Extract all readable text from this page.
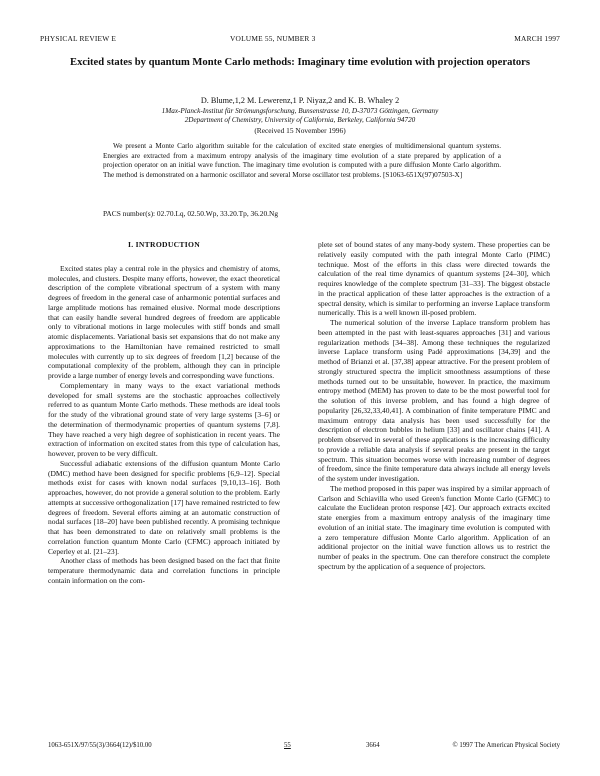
PHYSICAL REVIEW E	VOLUME 55, NUMBER 3	MARCH 1997
Excited states by quantum Monte Carlo methods: Imaginary time evolution with projection operators
D. Blume,1,2 M. Lewerenz,1 P. Niyaz,2 and K. B. Whaley 2
1Max-Planck-Institut für Strömungsforschung, Bunsenstrasse 10, D-37073 Göttingen, Germany
2Department of Chemistry, University of California, Berkeley, California 94720
(Received 15 November 1996)
We present a Monte Carlo algorithm suitable for the calculation of excited state energies of multidimensional quantum systems. Energies are extracted from a maximum entropy analysis of the imaginary time evolution of a state prepared by application of a projection operator on an initial wave function. The imaginary time evolution is computed with a pure diffusion Monte Carlo algorithm. The method is demonstrated on a harmonic oscillator and several Morse oscillator test problems. [S1063-651X(97)07503-X]
PACS number(s): 02.70.Lq, 02.50.Wp, 33.20.Tp, 36.20.Ng
I. INTRODUCTION

Excited states play a central role in the physics and chemistry of atoms, molecules, and clusters. Despite many efforts, however, the exact theoretical description of the complete vibrational spectrum of a system with many degrees of freedom in the general case of anharmonic potential surfaces and large amplitude motions has remained elusive. Normal mode descriptions that can easily handle several hundred degrees of freedom are applicable only to vibrational motions in large molecules with stiff bonds and small atomic displacements. Variational basis set expansions that do not make any approximations to the Hamiltonian have remained restricted to small molecules with currently up to six degrees of freedom [1,2] because of the computational complexity of the problem, although they can in principle provide a large number of energy levels and corresponding wave functions.

Complementary in many ways to the exact variational methods developed for small systems are the stochastic approaches collectively referred to as quantum Monte Carlo methods. These methods are ideal tools for the study of the vibrational ground state of very large systems [3–6] or the determination of thermodynamic properties of quantum systems [7,8]. They have reached a very high degree of sophistication in recent years. The extraction of information on excited states from this type of calculation has, however, proven to be very difficult.

Successful adiabatic extensions of the diffusion quantum Monte Carlo (DMC) method have been designed for specific problems [6,9–12]. Special methods exist for cases with known nodal surfaces [9,10,13–16]. Both approaches, however, do not provide a general solution to the problem. Early attempts at successive orthogonalization [17] have remained restricted to few degrees of freedom. Several efforts aiming at an automatic construction of nodal surfaces [18–20] have been published recently. A promising technique that has been demonstrated to date on relatively small problems is the correlation function quantum Monte Carlo (CFMC) approach initiated by Ceperley et al. [21–23].

Another class of methods has been designed based on the fact that finite temperature thermodynamic data and correlation functions in principle contain information on the com-

plete set of bound states of any many-body system. These properties can be relatively easily computed with the path integral Monte Carlo (PIMC) technique. Most of the efforts in this class were directed towards the calculation of the real time dynamics of quantum systems [24–30], which requires knowledge of the complete spectrum [31–33]. The biggest obstacle in the practical application of these latter approaches is the extraction of a spectral density, which is similar to performing an inverse Laplace transform numerically. This is a well known ill-posed problem.

The numerical solution of the inverse Laplace transform problem has been attempted in the past with least-squares approaches [31] and various regularization methods [34–38]. Among these techniques the regularized inverse Laplace transform using Padé approximations [34,39] and the method of Brianzi et al. [37,38] appear attractive. For the present problem of strongly structured spectra the implicit smoothness assumptions of these methods turned out to be unsuitable, however. In practice, the maximum entropy method (MEM) has proven to date to be the most powerful tool for the solution of this inverse problem, and has found a high degree of popularity [26,32,33,40,41]. A combination of finite temperature PIMC and maximum entropy data analysis has been used successfully for the description of electron bubbles in helium [33] and oscillator chains [41]. A problem observed in several of these applications is the increasing difficulty to provide a reliable data analysis if several peaks are present in the target spectrum. This situation becomes worse with increasing number of degrees of freedom, since the finite temperature data always include all energy levels of the system under investigation.

The method proposed in this paper was inspired by a similar approach of Carlson and Schiavilla who used Green's function Monte Carlo (GFMC) to calculate the Euclidean proton response [42]. Our approach extracts excited state energies from a maximum entropy analysis of the imaginary time evolution of an initial state. The imaginary time evolution is computed with a zero temperature diffusion Monte Carlo algorithm. Application of an additional projector on the initial wave function allows us to restrict the number of peaks in the spectrum. One can therefore construct the complete spectrum by the application of a sequence of projectors.

1063-651X/97/55(3)/3664(12)/$10.00	55	3664	© 1997 The American Physical Society
